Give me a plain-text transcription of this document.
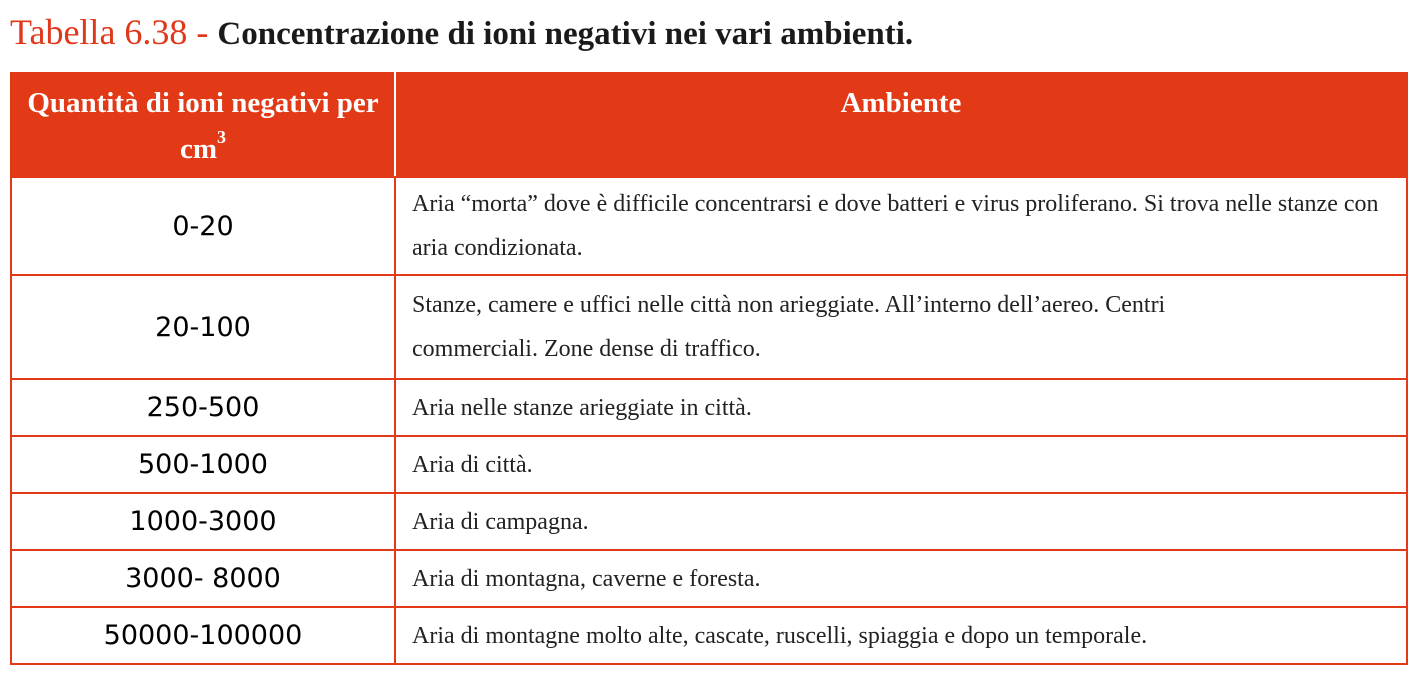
Tabella 6.38 - Concentrazione di ioni negativi nei vari ambienti.
Quantità di ioni negativi per $cm^3$	Ambiente
0-20	Aria “morta” dove è difficile concentrarsi e dove batteri e virus proliferano. Si trova nelle stanze con aria condizionata.
20-100	Stanze, camere e uffici nelle città non arieggiate. All’interno dell’aereo. Centri commerciali. Zone dense di traffico.
250-500	Aria nelle stanze arieggiate in città.
500-1000	Aria di città.
1000-3000	Aria di campagna.
3000- 8000	Aria di montagna, caverne e foresta.
50000-100000	Aria di montagne molto alte, cascate, ruscelli, spiaggia e dopo un temporale.
